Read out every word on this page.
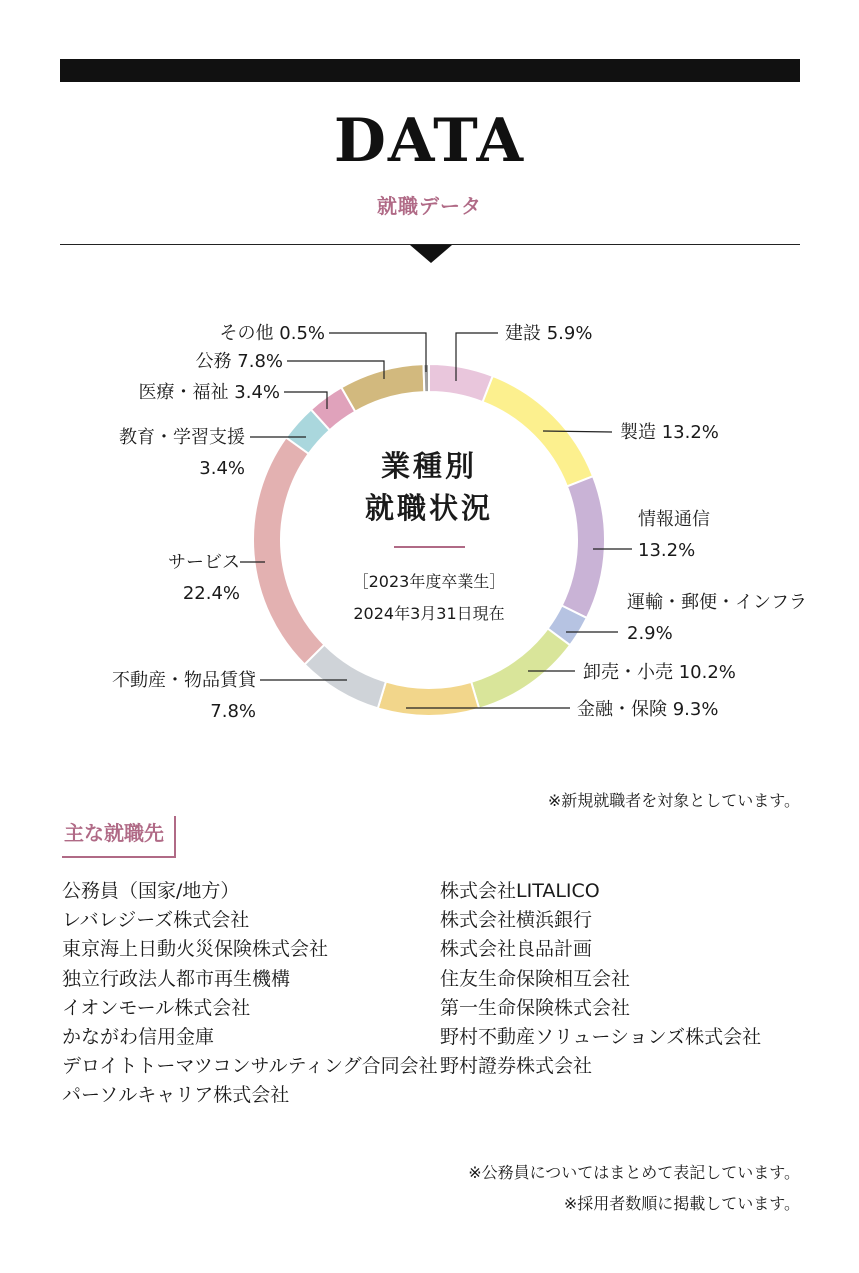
DATA
就職データ
建設 5.9%
製造 13.2%
情報通信
13.2%
運輸・郵便・インフラ
2.9%
卸売・小売 10.2%
金融・保険 9.3%
不動産・物品賃貸
7.8%
サービス
22.4%
教育・学習支援
3.4%
医療・福祉 3.4%
公務 7.8%
その他 0.5%
業種別
就職状況
［2023年度卒業生］
2024年3月31日現在
※新規就職者を対象としています。
主な就職先
公務員（国家/地方）
レバレジーズ株式会社
東京海上日動火災保険株式会社
独立行政法人都市再生機構
イオンモール株式会社
かながわ信用金庫
デロイトトーマツコンサルティング合同会社
パーソルキャリア株式会社
株式会社LITALICO
株式会社横浜銀行
株式会社良品計画
住友生命保険相互会社
第一生命保険株式会社
野村不動産ソリューションズ株式会社
野村證券株式会社
※公務員についてはまとめて表記しています。
※採用者数順に掲載しています。
